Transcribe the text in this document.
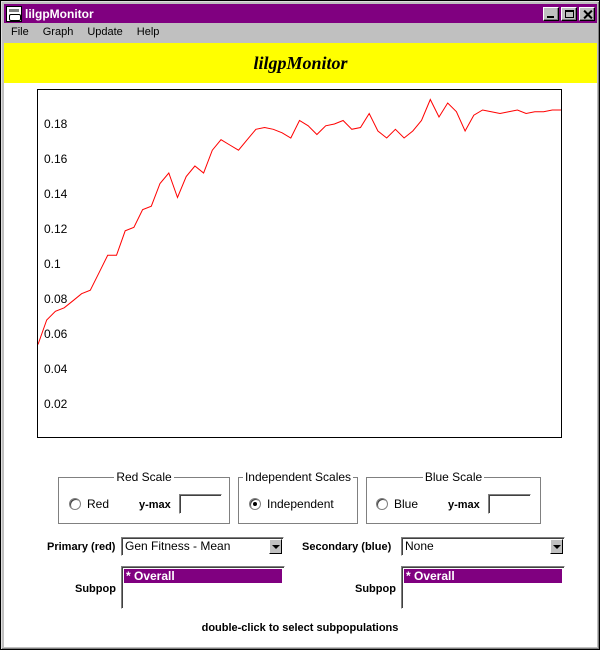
lilgpMonitor
File	Graph	Update	Help
lilgpMonitor
0.02
0.04
0.06
0.08
0.1
0.12
0.14
0.16
0.18
Red Scale
Red	y-max
Independent Scales
Independent
Blue Scale
Blue	y-max
Primary (red) Gen Fitness - Mean	Secondary (blue)	None
Subpop
* Overall
Subpop
* Overall
double-click to select subpopulations
